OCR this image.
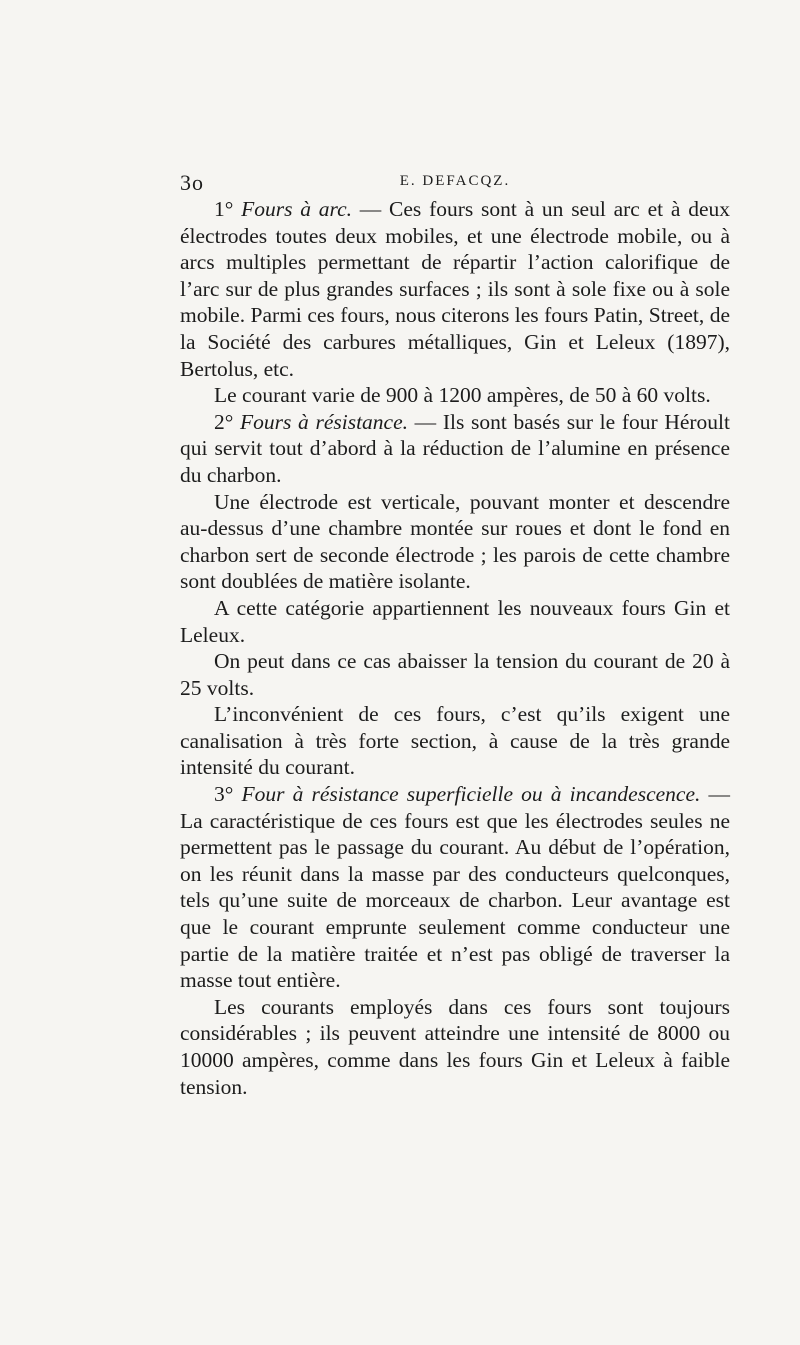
3o	E. DEFACQZ.

1° Fours à arc. — Ces fours sont à un seul arc et à deux électrodes toutes deux mobiles, et une électrode mobile, ou à arcs multiples permettant de répartir l’action calorifique de l’arc sur de plus grandes surfaces ; ils sont à sole fixe ou à sole mobile. Parmi ces fours, nous citerons les fours Patin, Street, de la Société des carbures métalliques, Gin et Leleux (1897), Bertolus, etc.

Le courant varie de 900 à 1200 ampères, de 50 à 60 volts.

2° Fours à résistance. — Ils sont basés sur le four Héroult qui servit tout d’abord à la réduction de l’alumine en présence du charbon.

Une électrode est verticale, pouvant monter et descendre au-dessus d’une chambre montée sur roues et dont le fond en charbon sert de seconde électrode ; les parois de cette chambre sont doublées de matière isolante.

A cette catégorie appartiennent les nouveaux fours Gin et Leleux.

On peut dans ce cas abaisser la tension du courant de 20 à 25 volts.

L’inconvénient de ces fours, c’est qu’ils exigent une canalisation à très forte section, à cause de la très grande intensité du courant.

3° Four à résistance superficielle ou à incandescence. — La caractéristique de ces fours est que les électrodes seules ne permettent pas le passage du courant. Au début de l’opération, on les réunit dans la masse par des conducteurs quelconques, tels qu’une suite de morceaux de charbon. Leur avantage est que le courant emprunte seulement comme conducteur une partie de la matière traitée et n’est pas obligé de traverser la masse tout entière.

Les courants employés dans ces fours sont toujours considérables ; ils peuvent atteindre une intensité de 8000 ou 10000 ampères, comme dans les fours Gin et Leleux à faible tension.
